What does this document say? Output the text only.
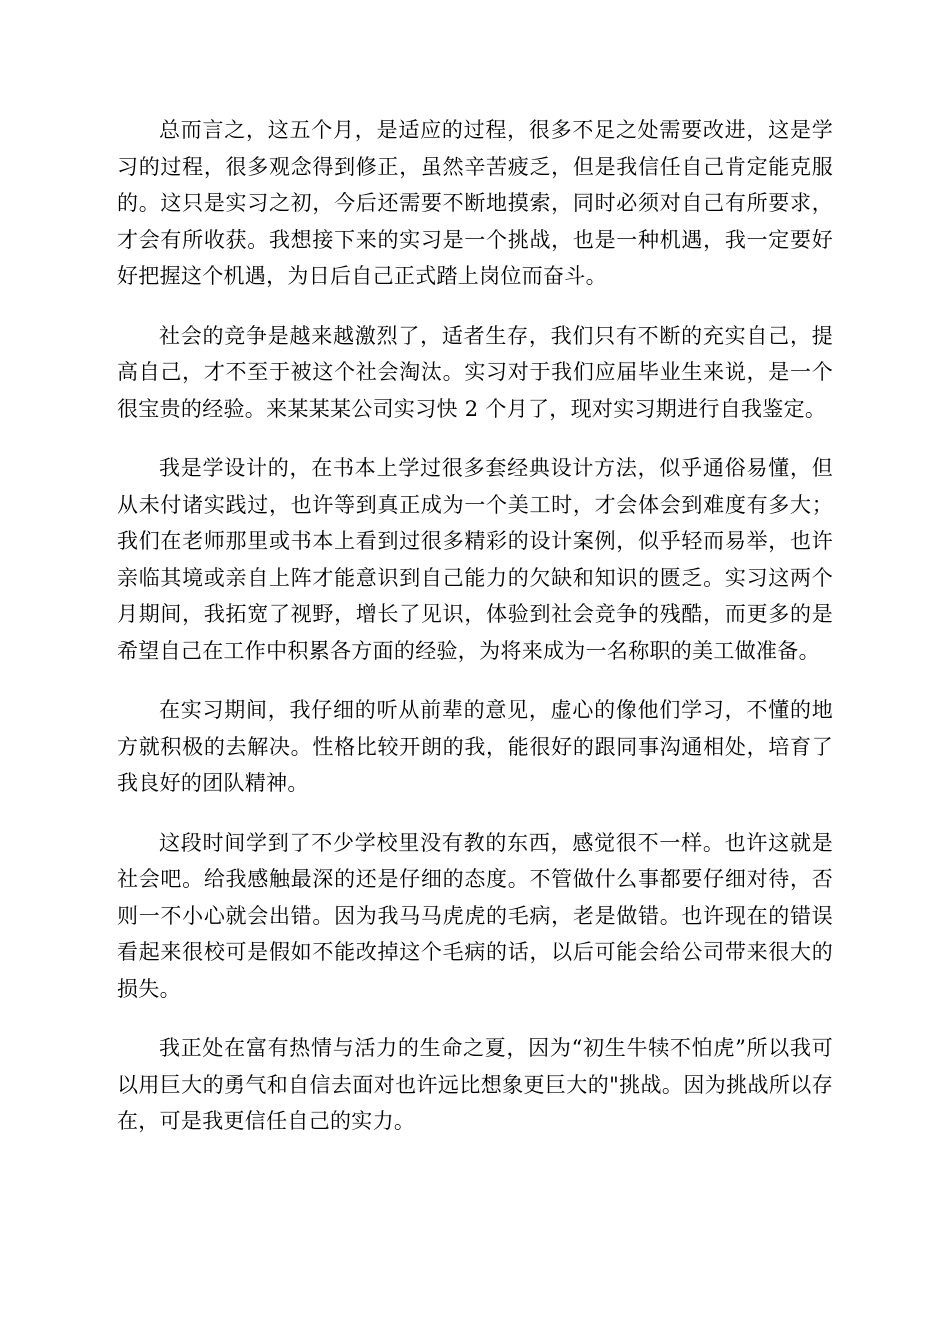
总而言之，这五个月，是适应的过程，很多不足之处需要改进，这是学习的过程，很多观念得到修正，虽然辛苦疲乏，但是我信任自己肯定能克服的。这只是实习之初，今后还需要不断地摸索，同时必须对自己有所要求，才会有所收获。我想接下来的实习是一个挑战，也是一种机遇，我一定要好好把握这个机遇，为日后自己正式踏上岗位而奋斗。

社会的竞争是越来越激烈了，适者生存，我们只有不断的充实自己，提高自己，才不至于被这个社会淘汰。实习对于我们应届毕业生来说，是一个很宝贵的经验。来某某某公司实习快 2 个月了，现对实习期进行自我鉴定。

我是学设计的，在书本上学过很多套经典设计方法，似乎通俗易懂，但从未付诸实践过，也许等到真正成为一个美工时，才会体会到难度有多大；我们在老师那里或书本上看到过很多精彩的设计案例，似乎轻而易举，也许亲临其境或亲自上阵才能意识到自己能力的欠缺和知识的匮乏。实习这两个月期间，我拓宽了视野，增长了见识，体验到社会竞争的残酷，而更多的是希望自己在工作中积累各方面的经验，为将来成为一名称职的美工做准备。

在实习期间，我仔细的听从前辈的意见，虚心的像他们学习，不懂的地方就积极的去解决。性格比较开朗的我，能很好的跟同事沟通相处，培育了我良好的团队精神。

这段时间学到了不少学校里没有教的东西，感觉很不一样。也许这就是社会吧。给我感触最深的还是仔细的态度。不管做什么事都要仔细对待，否则一不小心就会出错。因为我马马虎虎的毛病，老是做错。也许现在的错误看起来很校可是假如不能改掉这个毛病的话，以后可能会给公司带来很大的损失。

我正处在富有热情与活力的生命之夏，因为“初生牛犊不怕虎”所以我可以用巨大的勇气和自信去面对也许远比想象更巨大的"挑战。因为挑战所以存在，可是我更信任自己的实力。
